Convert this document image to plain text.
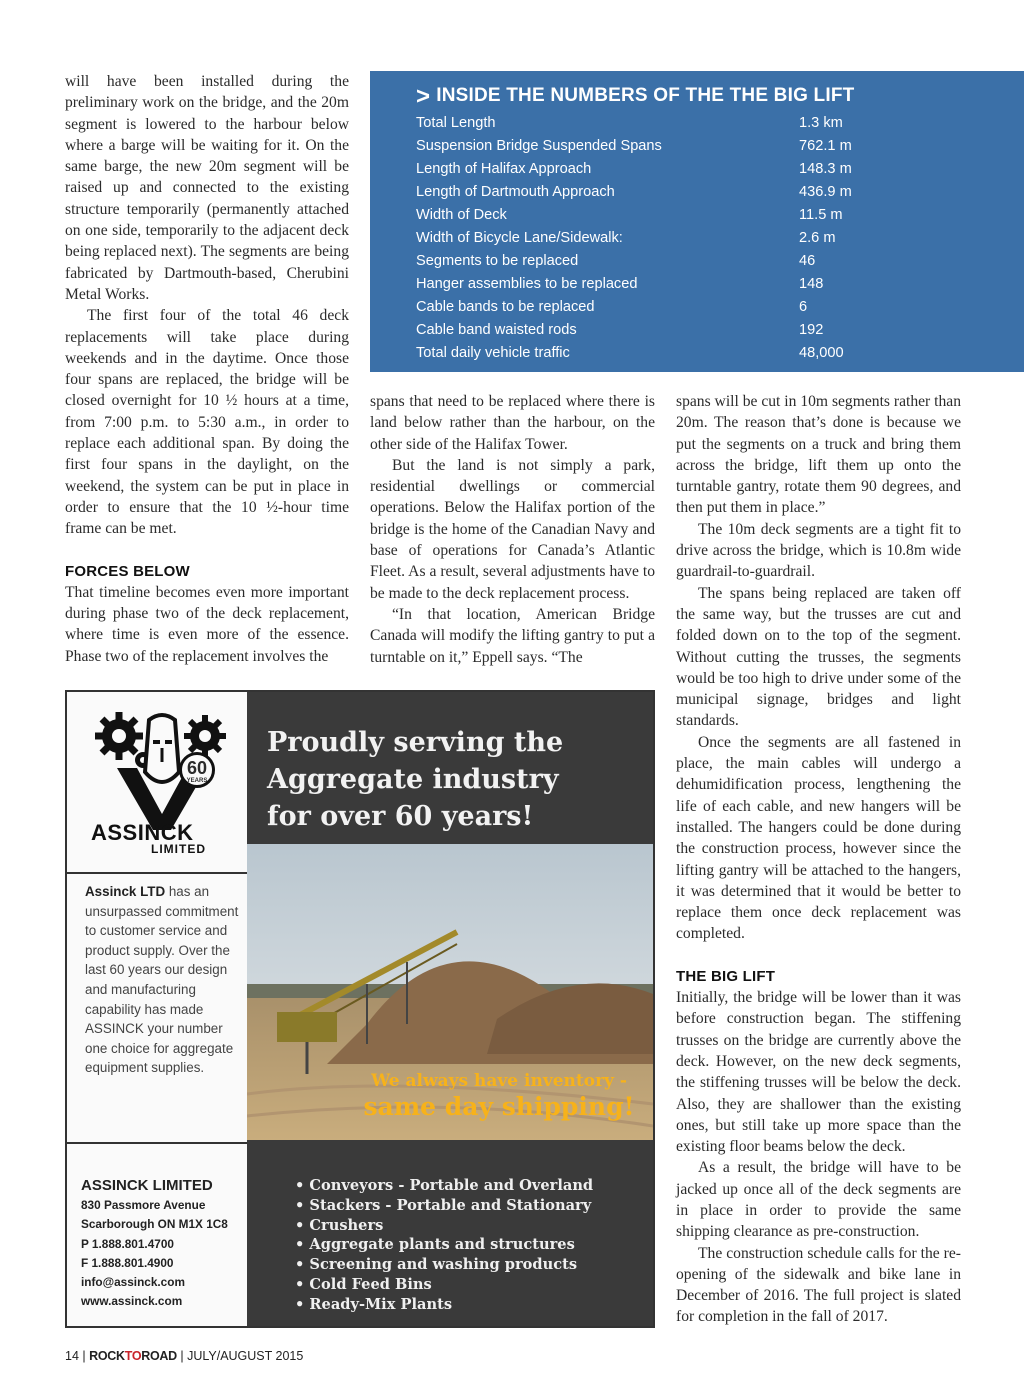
will have been installed during the preliminary work on the bridge, and the 20m segment is lowered to the harbour below where a barge will be waiting for it. On the same barge, the new 20m segment will be raised up and connected to the existing structure temporarily (permanently attached on one side, temporarily to the adjacent deck being replaced next). The segments are being fabricated by Dartmouth-based, Cherubini Metal Works.

The first four of the total 46 deck replacements will take place during weekends and in the daytime. Once those four spans are replaced, the bridge will be closed overnight for 10 ½ hours at a time, from 7:00 p.m. to 5:30 a.m., in order to replace each additional span. By doing the first four spans in the daylight, on the weekend, the system can be put in place in order to ensure that the 10 ½-hour time frame can be met.

FORCES BELOW

That timeline becomes even more important during phase two of the deck replacement, where time is even more of the essence. Phase two of the replacement involves the

> INSIDE THE NUMBERS OF THE THE BIG LIFT
Total Length	1.3 km
Suspension Bridge Suspended Spans	762.1 m
Length of Halifax Approach	148.3 m
Length of Dartmouth Approach	436.9 m
Width of Deck	11.5 m
Width of Bicycle Lane/Sidewalk:	2.6 m
Segments to be replaced	46
Hanger assemblies to be replaced	148
Cable bands to be replaced	6
Cable band waisted rods	192
Total daily vehicle traffic	48,000

spans that need to be replaced where there is land below rather than the harbour, on the other side of the Halifax Tower.

But the land is not simply a park, residential dwellings or commercial operations. Below the Halifax portion of the bridge is the home of the Canadian Navy and base of operations for Canada’s Atlantic Fleet. As a result, several adjustments have to be made to the deck replacement process.

“In that location, American Bridge Canada will modify the lifting gantry to put a turntable on it,” Eppell says. “The

spans will be cut in 10m segments rather than 20m. The reason that’s done is because we put the segments on a truck and bring them across the bridge, lift them up onto the turntable gantry, rotate them 90 degrees, and then put them in place.”

The 10m deck segments are a tight fit to drive across the bridge, which is 10.8m wide guardrail-to-guardrail.

The spans being replaced are taken off the same way, but the trusses are cut and folded down on to the top of the segment. Without cutting the trusses, the segments would be too high to drive under some of the municipal signage, bridges and light standards.

Once the segments are all fastened in place, the main cables will undergo a dehumidification process, lengthening the life of each cable, and new hangers will be installed. The hangers could be done during the construction process, however since the lifting gantry will be attached to the hangers, it was determined that it would be better to replace them once deck replacement was completed.

THE BIG LIFT

Initially, the bridge will be lower than it was before construction began. The stiffening trusses on the bridge are currently above the deck. However, on the new deck segments, the stiffening trusses will be below the deck. Also, they are shallower than the existing ones, but still take up more space than the existing floor beams below the deck.

As a result, the bridge will have to be jacked up once all of the deck segments are in place in order to provide the same shipping clearance as pre-construction.

The construction schedule calls for the re-opening of the sidewalk and bike lane in December of 2016. The full project is slated for completion in the fall of 2017.

60
YEARS
ASSINCK
LIMITED
Assinck LTD has an unsurpassed commitment to customer service and product supply. Over the last 60 years our design and manufacturing capability has made ASSINCK your number one choice for aggregate equipment supplies.
ASSINCK LIMITED
830 Passmore Avenue
Scarborough ON M1X 1C8
P 1.888.801.4700
F 1.888.801.4900
info@assinck.com
www.assinck.com
Proudly serving the
Aggregate industry
for over 60 years!
We always have inventory -
same day shipping!
• Conveyors - Portable and Overland
• Stackers - Portable and Stationary
• Crushers
• Aggregate plants and structures
• Screening and washing products
• Cold Feed Bins
• Ready-Mix Plants
14 | ROCKTOROAD | JULY/AUGUST 2015
